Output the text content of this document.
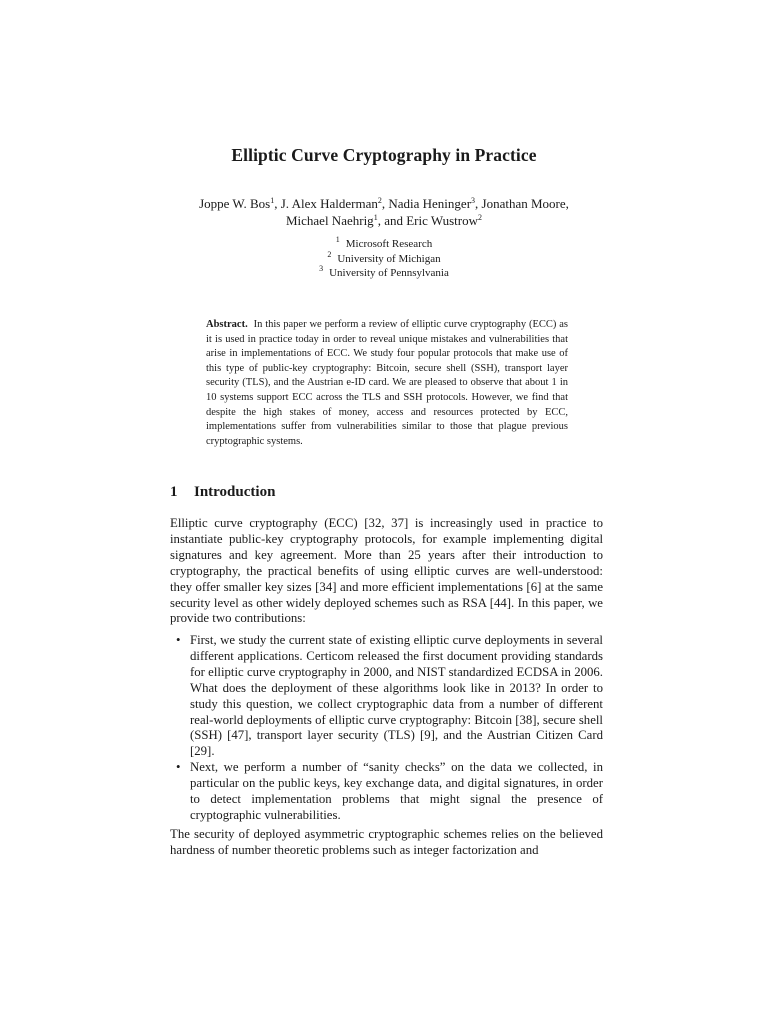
Elliptic Curve Cryptography in Practice
Joppe W. Bos$^1$, J. Alex Halderman$^2$, Nadia Heninger$^3$, Jonathan Moore,
Michael Naehrig$^1$, and Eric Wustrow$^2$
$^1$ Microsoft Research
$^2$ University of Michigan
$^3$ University of Pennsylvania
Abstract. In this paper we perform a review of elliptic curve cryptography (ECC) as it is used in practice today in order to reveal unique mistakes and vulnerabilities that arise in implementations of ECC. We study four popular protocols that make use of this type of public-key cryptography: Bitcoin, secure shell (SSH), transport layer security (TLS), and the Austrian e-ID card. We are pleased to observe that about 1 in 10 systems support ECC across the TLS and SSH protocols. However, we find that despite the high stakes of money, access and resources protected by ECC, implementations suffer from vulnerabilities similar to those that plague previous cryptographic systems.
1 Introduction
Elliptic curve cryptography (ECC) [32, 37] is increasingly used in practice to instantiate public-key cryptography protocols, for example implementing digital signatures and key agreement. More than 25 years after their introduction to cryptography, the practical benefits of using elliptic curves are well-understood: they offer smaller key sizes [34] and more efficient implementations [6] at the same security level as other widely deployed schemes such as RSA [44]. In this paper, we provide two contributions:
• First, we study the current state of existing elliptic curve deployments in several different applications. Certicom released the first document providing standards for elliptic curve cryptography in 2000, and NIST standardized ECDSA in 2006. What does the deployment of these algorithms look like in 2013? In order to study this question, we collect cryptographic data from a number of different real-world deployments of elliptic curve cryptography: Bitcoin [38], secure shell (SSH) [47], transport layer security (TLS) [9], and the Austrian Citizen Card [29].
• Next, we perform a number of “sanity checks” on the data we collected, in particular on the public keys, key exchange data, and digital signatures, in order to detect implementation problems that might signal the presence of cryptographic vulnerabilities.
The security of deployed asymmetric cryptographic schemes relies on the believed hardness of number theoretic problems such as integer factorization and
